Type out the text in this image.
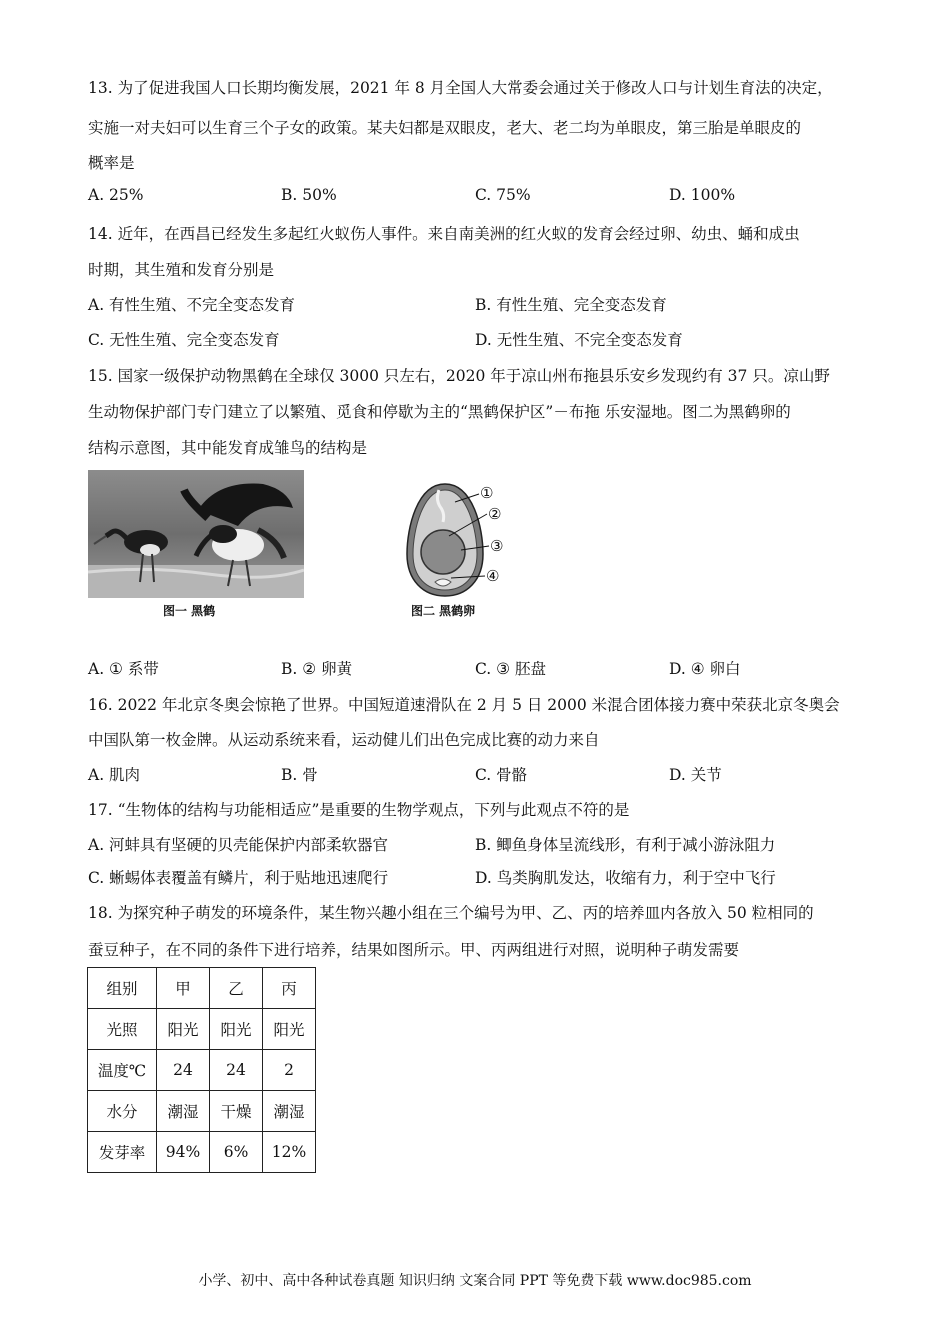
13. 为了促进我国人口长期均衡发展，2021 年 8 月全国人大常委会通过关于修改人口与计划生育法的决定，
实施一对夫妇可以生育三个子女的政策。某夫妇都是双眼皮，老大、老二均为单眼皮，第三胎是单眼皮的
概率是
A. 25%	B. 50%	C. 75%	D. 100%
14. 近年，在西昌已经发生多起红火蚁伤人事件。来自南美洲的红火蚁的发育会经过卵、幼虫、蛹和成虫
时期，其生殖和发育分别是
A. 有性生殖、不完全变态发育	B. 有性生殖、完全变态发育
C. 无性生殖、完全变态发育	D. 无性生殖、不完全变态发育
15. 国家一级保护动物黑鹤在全球仅 3000 只左右，2020 年于凉山州布拖县乐安乡发现约有 37 只。凉山野
生动物保护部门专门建立了以繁殖、觅食和停歇为主的“黑鹤保护区”－布拖 乐安湿地。图二为黑鹤卵的
结构示意图，其中能发育成雏鸟的结构是
图一 黑鹤
①
②
③
④
图二 黑鹤卵
A. ① 系带	B. ② 卵黄	C. ③ 胚盘	D. ④ 卵白
16. 2022 年北京冬奥会惊艳了世界。中国短道速滑队在 2 月 5 日 2000 米混合团体接力赛中荣获北京冬奥会
中国队第一枚金牌。从运动系统来看，运动健儿们出色完成比赛的动力来自
A. 肌肉	B. 骨	C. 骨骼	D. 关节
17. “生物体的结构与功能相适应”是重要的生物学观点，下列与此观点不符的是
A. 河蚌具有坚硬的贝壳能保护内部柔软器官	B. 鲫鱼身体呈流线形，有利于减小游泳阻力
C. 蜥蜴体表覆盖有鳞片，利于贴地迅速爬行	D. 鸟类胸肌发达，收缩有力，利于空中飞行
18. 为探究种子萌发的环境条件，某生物兴趣小组在三个编号为甲、乙、丙的培养皿内各放入 50 粒相同的
蚕豆种子，在不同的条件下进行培养，结果如图所示。甲、丙两组进行对照，说明种子萌发需要
组别	甲	乙	丙
光照	阳光	阳光	阳光
温度℃	24	24	2
水分	潮湿	干燥	潮湿
发芽率	94%	6%	12%
小学、初中、高中各种试卷真题 知识归纳 文案合同 PPT 等免费下载 www.doc985.com
